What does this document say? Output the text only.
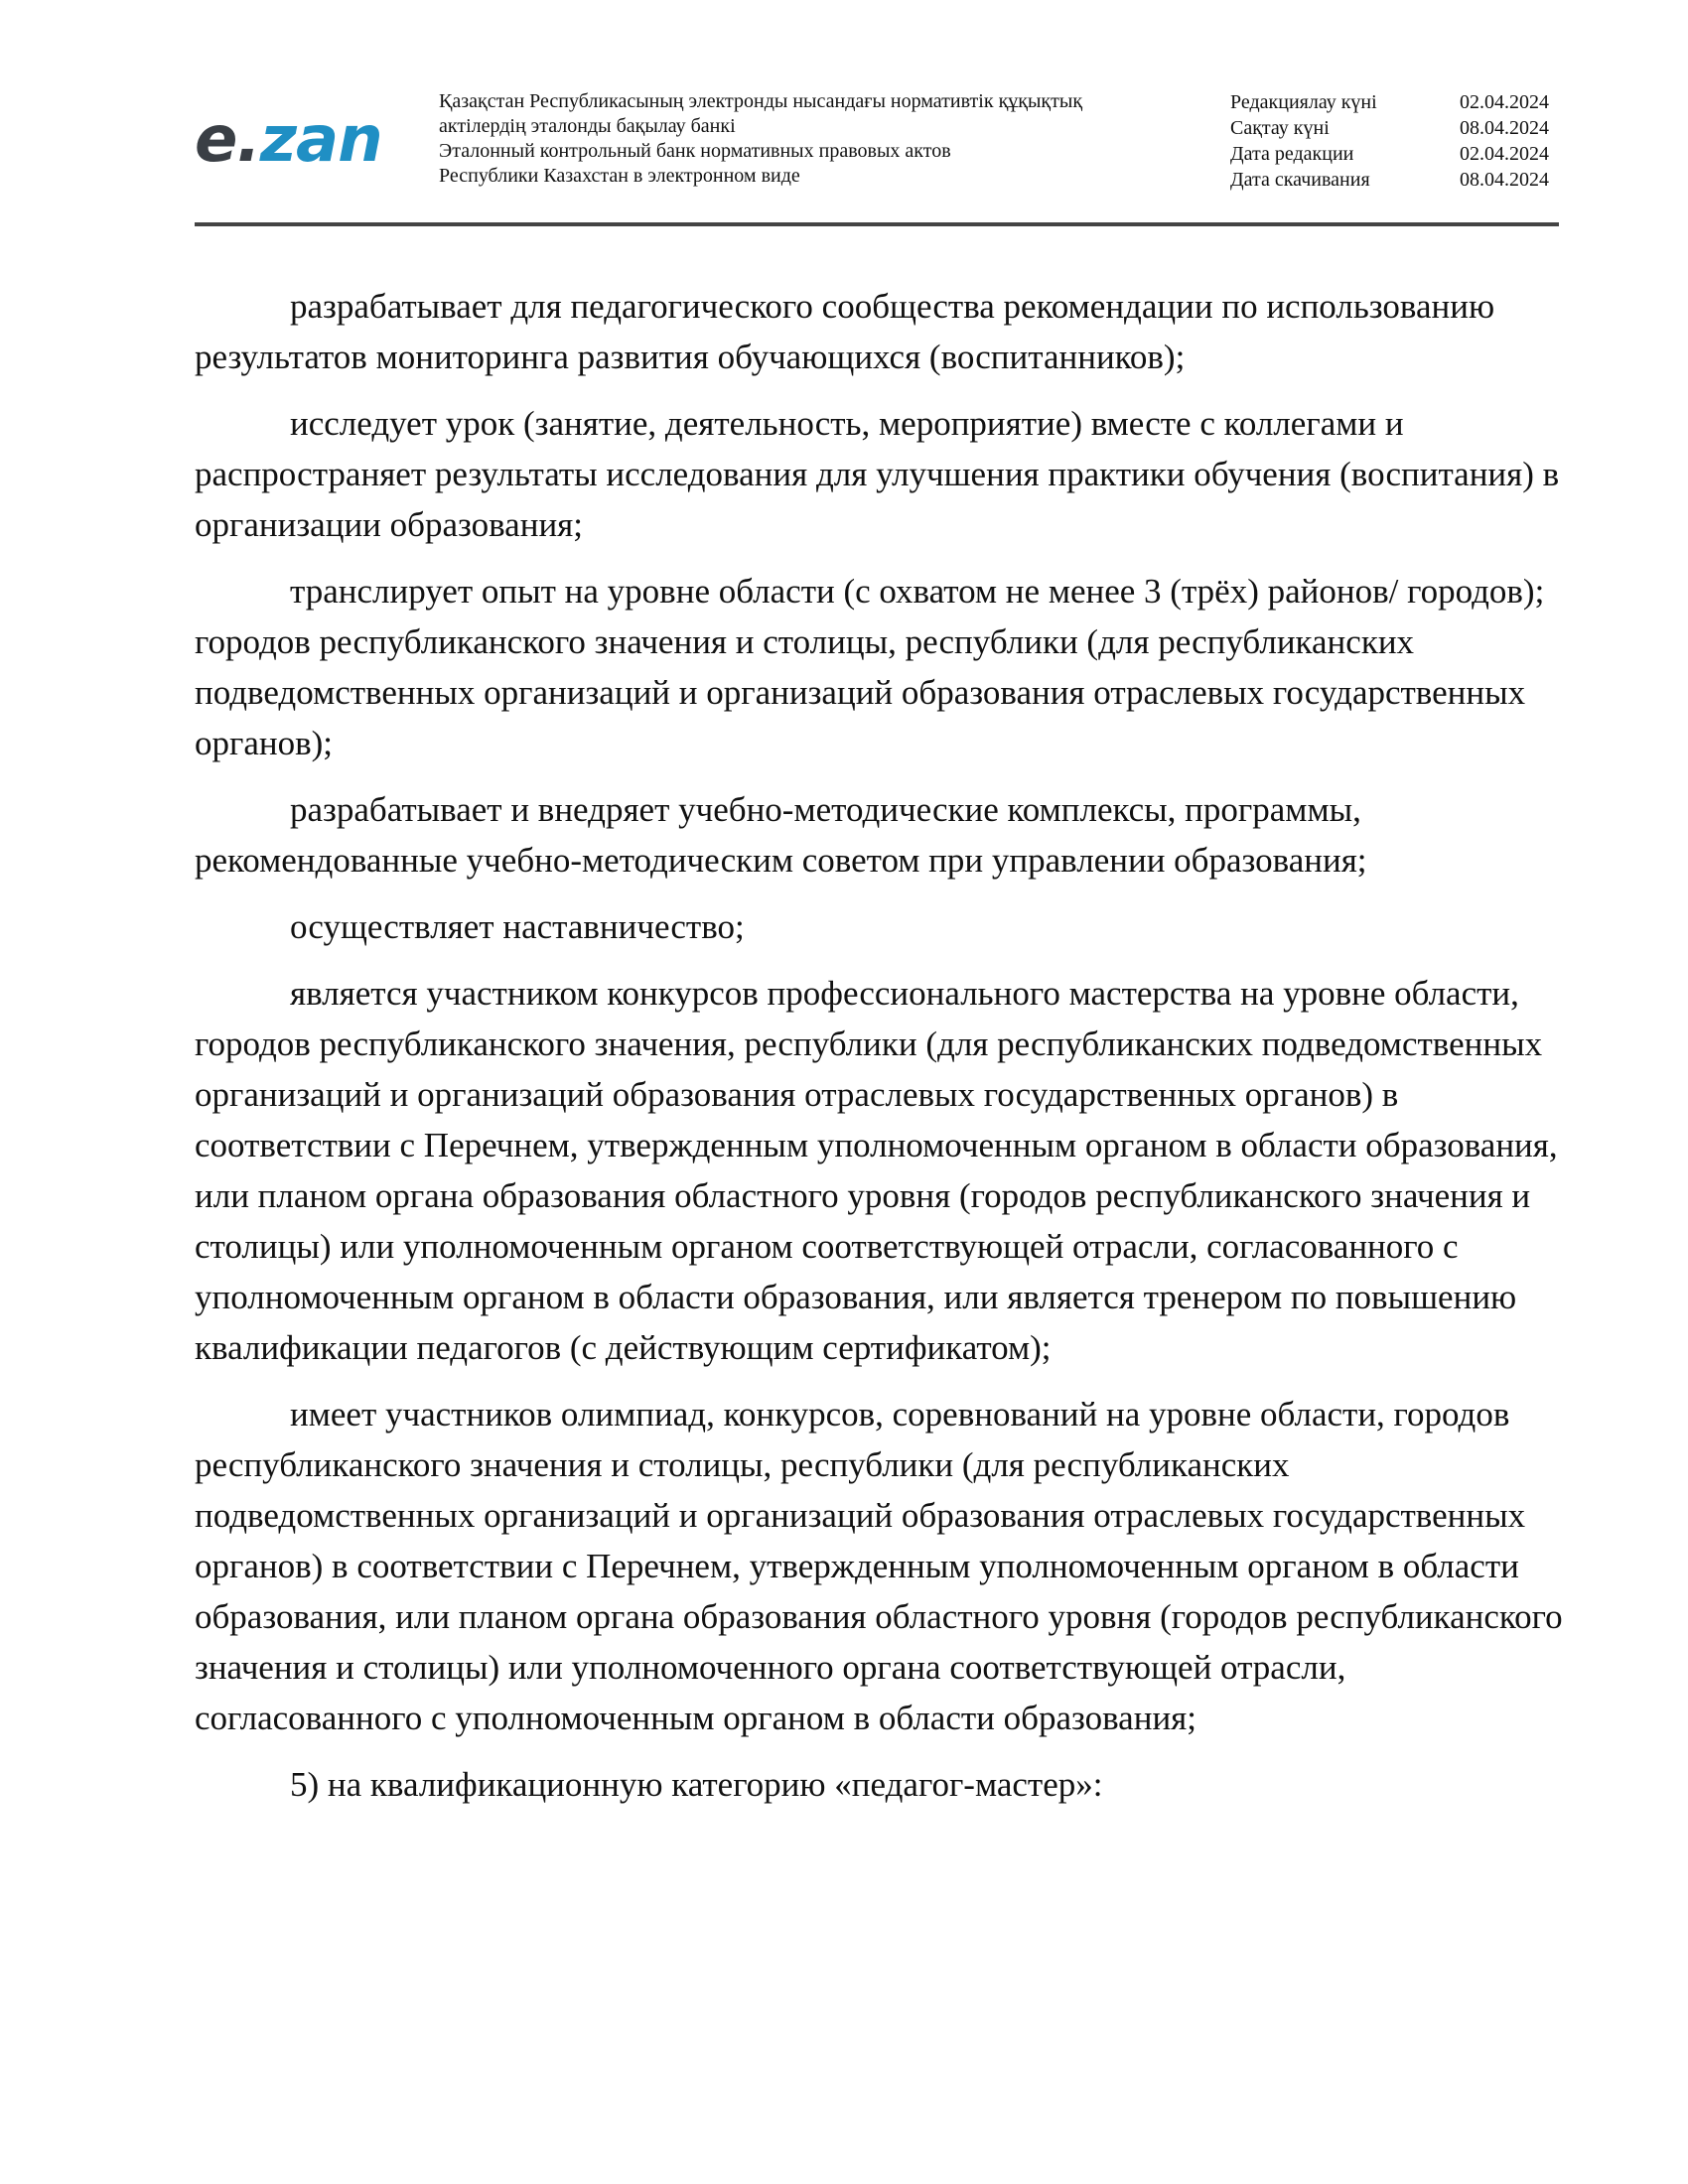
e.zan
Қазақстан Республикасының электронды нысандағы нормативтік құқықтық
актілердің эталонды бақылау банкі
Эталонный контрольный банк нормативных правовых актов
Республики Казахстан в электронном виде
Редакциялау күні	02.04.2024
Сақтау күні	08.04.2024
Дата редакции	02.04.2024
Дата скачивания	08.04.2024

разрабатывает для педагогического сообщества рекомендации по использованию результатов мониторинга развития обучающихся (воспитанников);

исследует урок (занятие, деятельность, мероприятие) вместе с коллегами и распространяет результаты исследования для улучшения практики обучения (воспитания) в организации образования;

транслирует опыт на уровне области (с охватом не менее 3 (трёх) районов/ городов); городов республиканского значения и столицы, республики (для республиканских подведомственных организаций и организаций образования отраслевых государственных органов);

разрабатывает и внедряет учебно-методические комплексы, программы, рекомендованные учебно-методическим советом при управлении образования;

осуществляет наставничество;

является участником конкурсов профессионального мастерства на уровне области, городов республиканского значения, республики (для республиканских подведомственных организаций и организаций образования отраслевых государственных органов) в соответствии с Перечнем, утвержденным уполномоченным органом в области образования, или планом органа образования областного уровня (городов республиканского значения и столицы) или уполномоченным органом соответствующей отрасли, согласованного с уполномоченным органом в области образования, или является тренером по повышению квалификации педагогов (с действующим сертификатом);

имеет участников олимпиад, конкурсов, соревнований на уровне области, городов республиканского значения и столицы, республики (для республиканских подведомственных организаций и организаций образования отраслевых государственных органов) в соответствии с Перечнем, утвержденным уполномоченным органом в области образования, или планом органа образования областного уровня (городов республиканского значения и столицы) или уполномоченного органа соответствующей отрасли, согласованного с уполномоченным органом в области образования;

5) на квалификационную категорию «педагог-мастер»:
